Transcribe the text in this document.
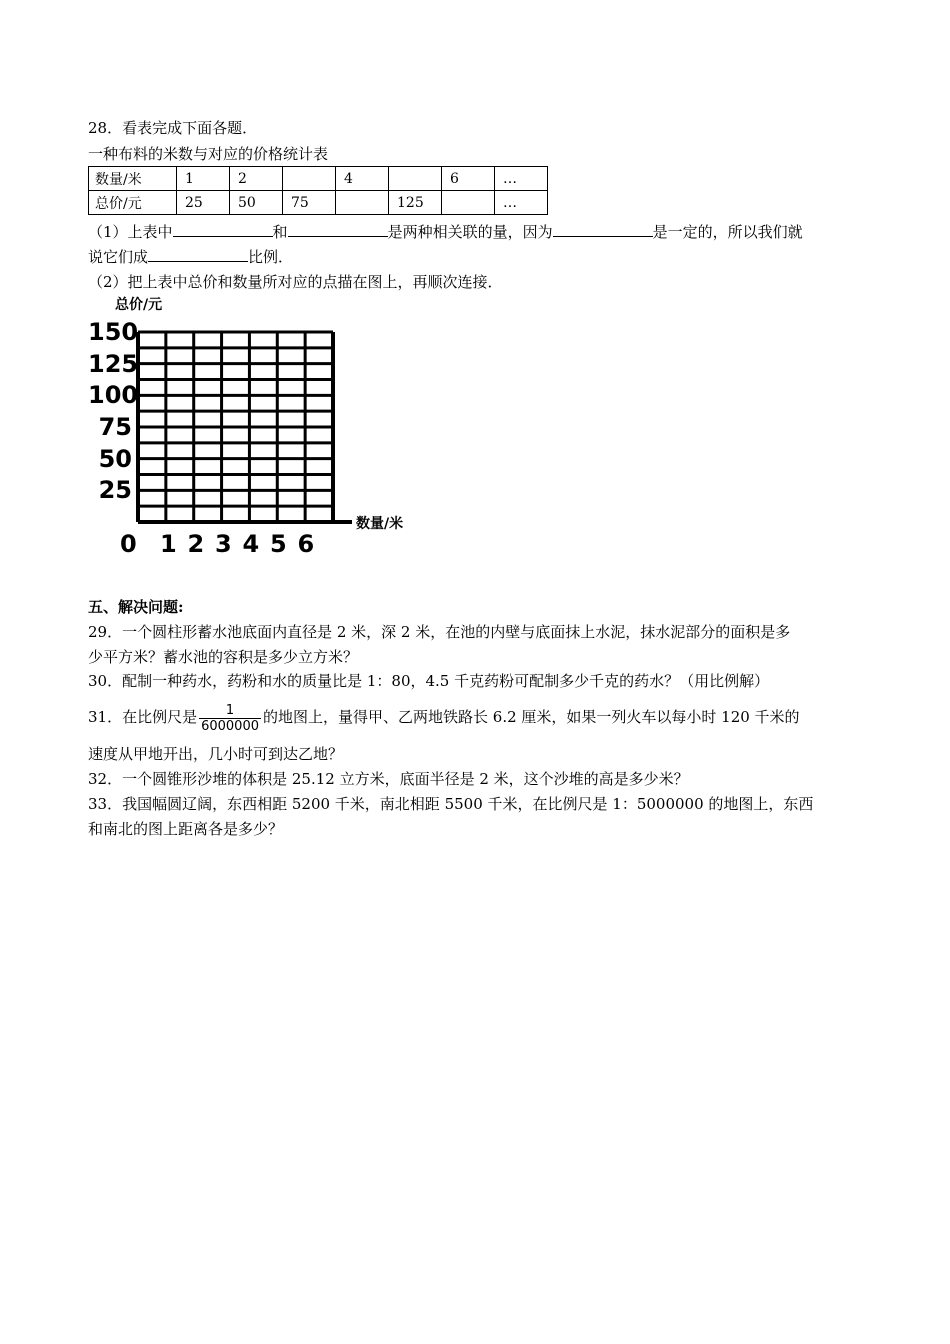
28．看表完成下面各题．
一种布料的米数与对应的价格统计表
数量/米	1	2		4		6	…
总价/元	25	50	75		125		…
（1）上表中	和	是两种相关联的量，因为	是一定的，所以我们就
说它们成	比例．
（2）把上表中总价和数量所对应的点描在图上，再顺次连接．
总价/元
数量/米
25
50
75
100
125
150
0 1 2 3 4 5 6
五、解决问题:
29．一个圆柱形蓄水池底面内直径是 2 米，深 2 米，在池的内壁与底面抹上水泥，抹水泥部分的面积是多
少平方米？蓄水池的容积是多少立方米？
30．配制一种药水，药粉和水的质量比是 1：80，4.5 千克药粉可配制多少千克的药水？（用比例解）
31．在比例尺是 $\frac{1}{6000000}$ 的地图上，量得甲、乙两地铁路长 6.2 厘米，如果一列火车以每小时 120 千米的
速度从甲地开出，几小时可到达乙地？
32．一个圆锥形沙堆的体积是 25.12 立方米，底面半径是 2 米，这个沙堆的高是多少米？
33．我国幅圆辽阔，东西相距 5200 千米，南北相距 5500 千米，在比例尺是 1：5000000 的地图上，东西
和南北的图上距离各是多少？
